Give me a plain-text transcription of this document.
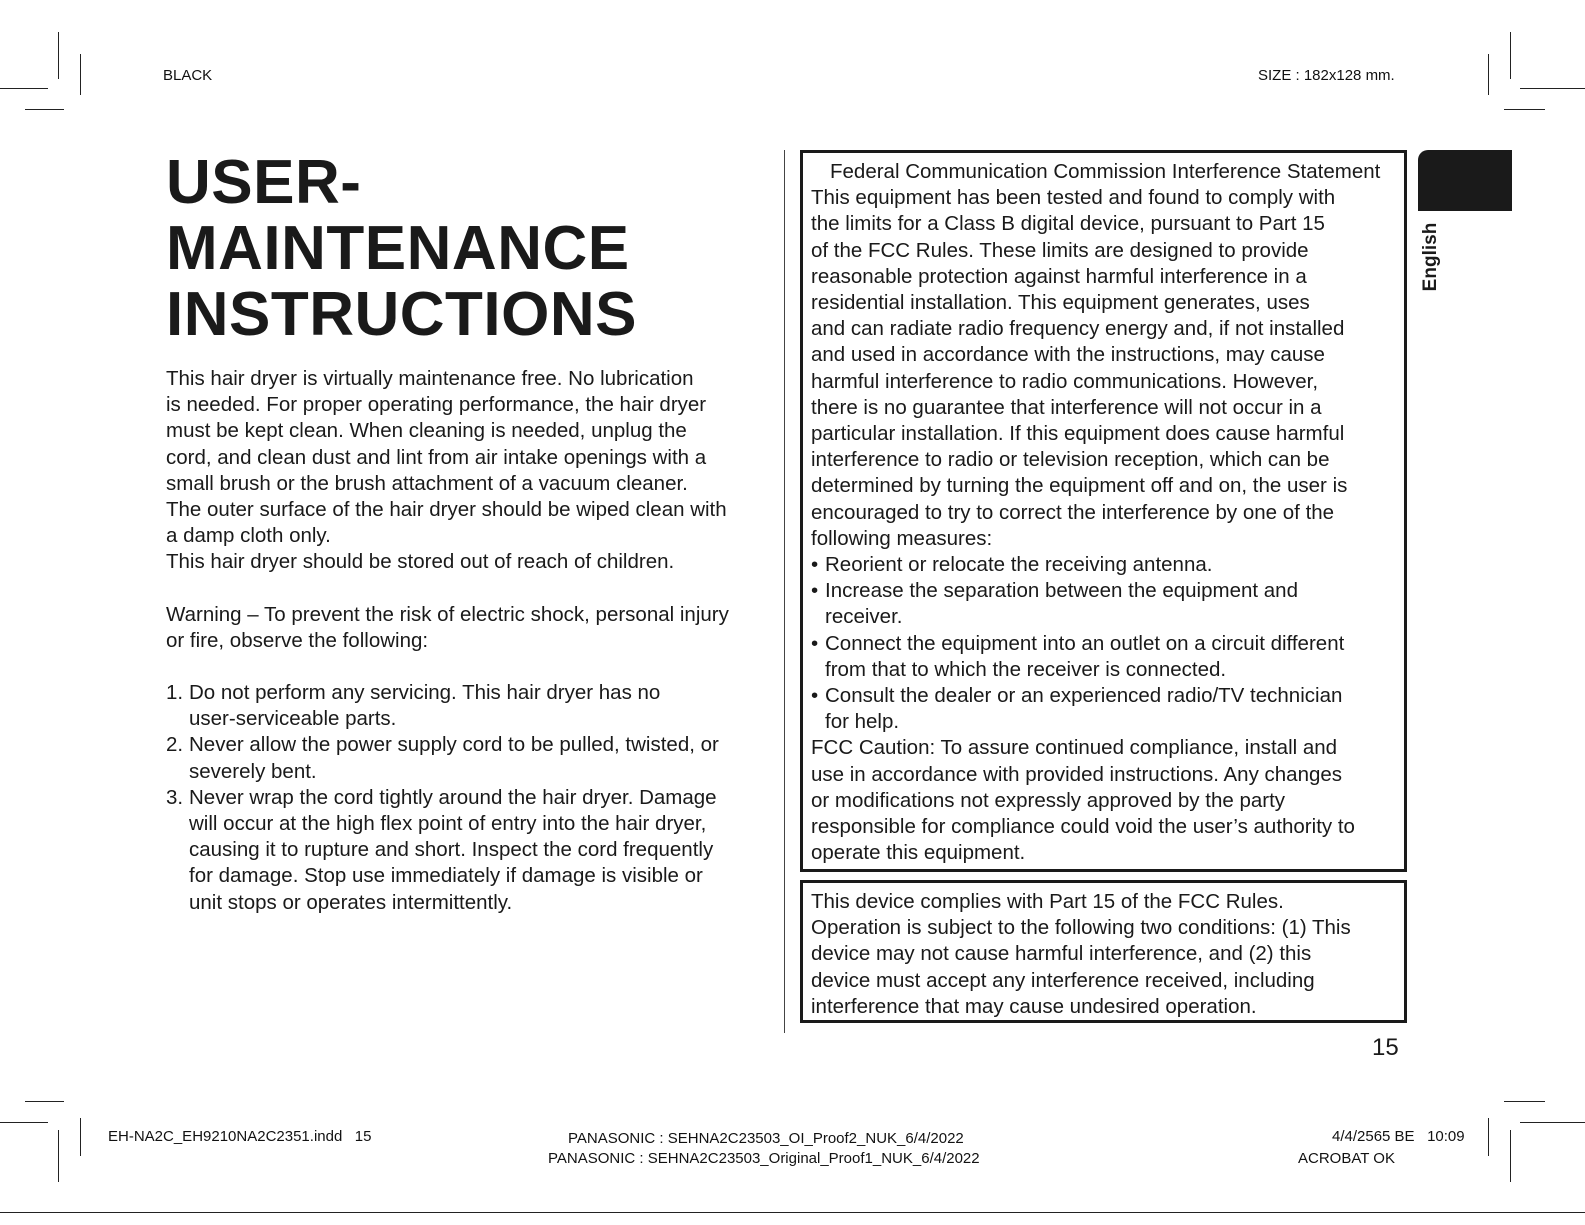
BLACK	SIZE : 182x128 mm.
USER-
MAINTENANCE
INSTRUCTIONS

This hair dryer is virtually maintenance free. No lubrication

is needed. For proper operating performance, the hair dryer

must be kept clean. When cleaning is needed, unplug the

cord, and clean dust and lint from air intake openings with a

small brush or the brush attachment of a vacuum cleaner.

The outer surface of the hair dryer should be wiped clean with

a damp cloth only.

This hair dryer should be stored out of reach of children.

Warning – To prevent the risk of electric shock, personal injury

or fire, observe the following:

1. Do not perform any servicing. This hair dryer has no

user-serviceable parts.

2. Never allow the power supply cord to be pulled, twisted, or

severely bent.

3. Never wrap the cord tightly around the hair dryer. Damage

will occur at the high flex point of entry into the hair dryer,

causing it to rupture and short. Inspect the cord frequently

for damage. Stop use immediately if damage is visible or

unit stops or operates intermittently.

Federal Communication Commission Interference Statement

This equipment has been tested and found to comply with

the limits for a Class B digital device, pursuant to Part 15

of the FCC Rules. These limits are designed to provide

reasonable protection against harmful interference in a

residential installation. This equipment generates, uses

and can radiate radio frequency energy and, if not installed

and used in accordance with the instructions, may cause

harmful interference to radio communications. However,

there is no guarantee that interference will not occur in a

particular installation. If this equipment does cause harmful

interference to radio or television reception, which can be

determined by turning the equipment off and on, the user is

encouraged to try to correct the interference by one of the

following measures:

• Reorient or relocate the receiving antenna.

• Increase the separation between the equipment and

receiver.

• Connect the equipment into an outlet on a circuit different

from that to which the receiver is connected.

• Consult the dealer or an experienced radio/TV technician

for help.

FCC Caution: To assure continued compliance, install and

use in accordance with provided instructions. Any changes

or modifications not expressly approved by the party

responsible for compliance could void the user’s authority to

operate this equipment.

This device complies with Part 15 of the FCC Rules.

Operation is subject to the following two conditions: (1) This

device may not cause harmful interference, and (2) this

device must accept any interference received, including

interference that may cause undesired operation.

English
15
EH-NA2C_EH9210NA2C2351.indd   15	PANASONIC : SEHNA2C23503_OI_Proof2_NUK_6/4/2022
PANASONIC : SEHNA2C23503_Original_Proof1_NUK_6/4/2022
4/4/2565 BE   10:09
ACROBAT OK
